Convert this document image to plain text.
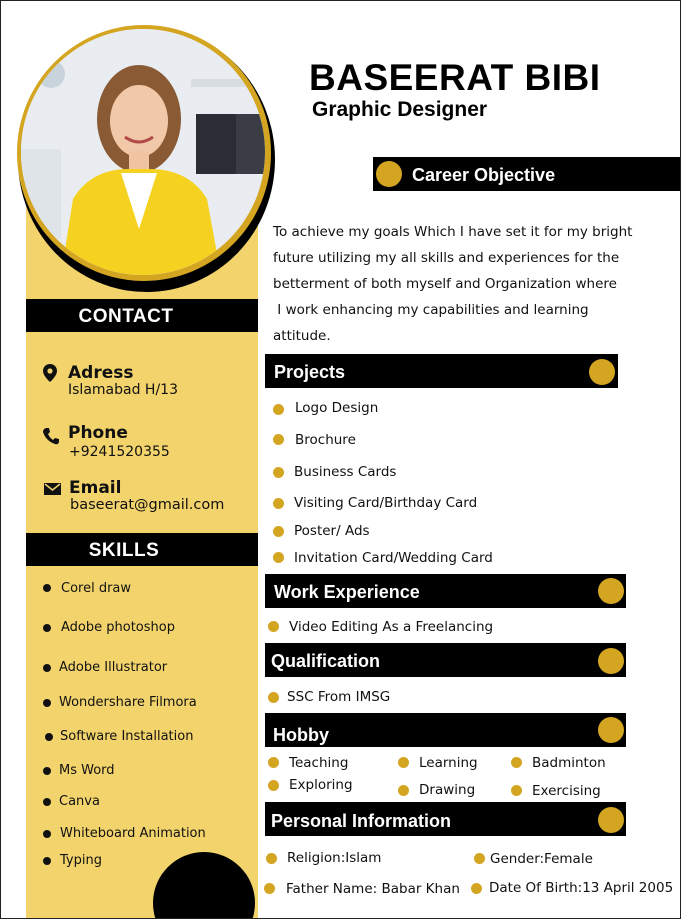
BASEERAT BIBI
Graphic Designer
Career Objective
To achieve my goals Which I have set it for my bright
future utilizing my all skills and experiences for the
betterment of both myself and Organization where
I work enhancing my capabilities and learning
attitude.
CONTACT
Adress
Islamabad H/13
Phone
+9241520355
Email
baseerat@gmail.com
SKILLS
Corel draw
Adobe photoshop
Adobe Illustrator
Wondershare Filmora
Software Installation
Ms Word
Canva
Whiteboard Animation
Typing
Projects
Logo Design
Brochure
Business Cards
Visiting Card/Birthday Card
Poster/ Ads
Invitation Card/Wedding Card
Work Experience
Video Editing As a Freelancing
Qualification
SSC From IMSG
Hobby
Teaching	Learning	Badminton
Exploring	Drawing	Exercising
Personal Information
Religion:Islam	Gender:Female
Father Name: Babar Khan Date Of Birth:13 April 2005
